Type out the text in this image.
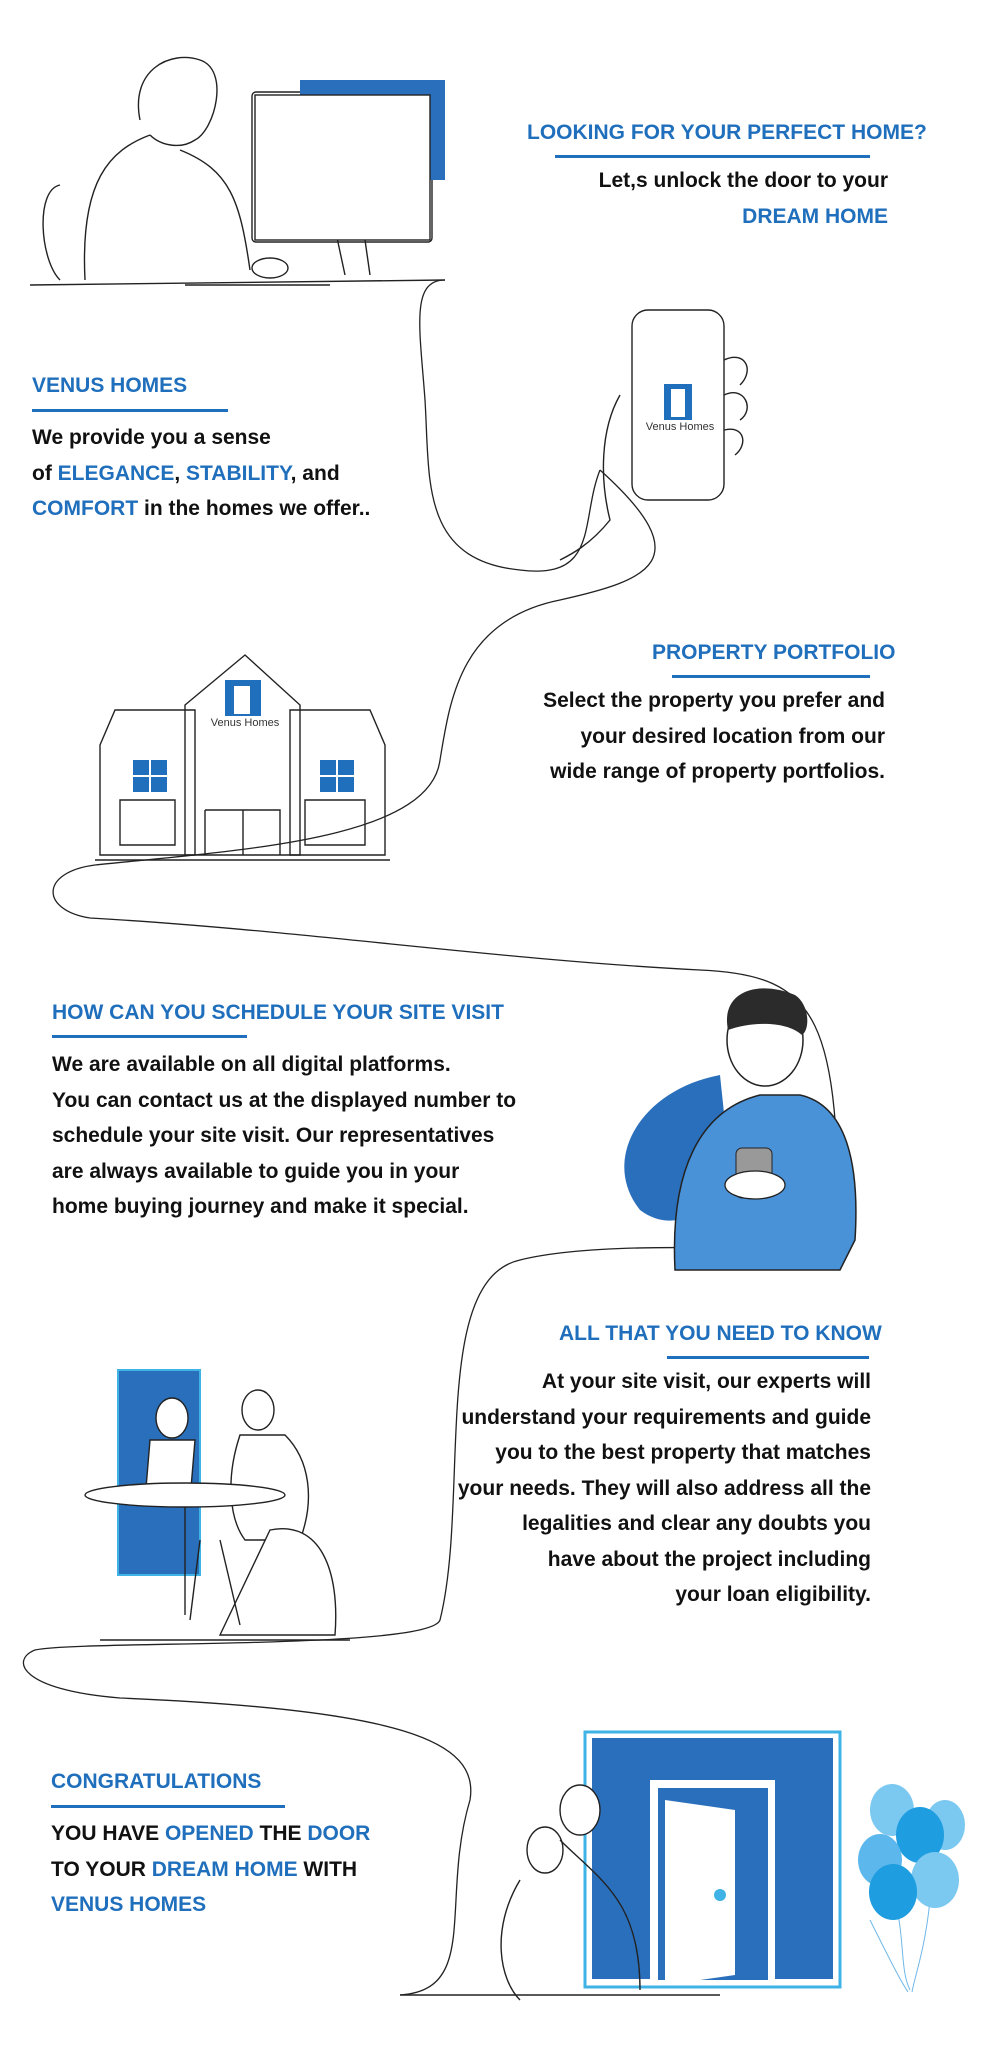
LOOKING FOR YOUR PERFECT HOME?
Let,s unlock the door to your
DREAM HOME
VENUS HOMES
We provide you a sense
of ELEGANCE, STABILITY, and
COMFORT in the homes we offer..
Venus Homes
PROPERTY PORTFOLIO
Select the property you prefer and
your desired location from our
wide range of property portfolios.
Venus Homes
HOW CAN YOU SCHEDULE YOUR SITE VISIT
We are available on all digital platforms.
You can contact us at the displayed number to
schedule your site visit. Our representatives
are always available to guide you in your
home buying journey and make it special.
ALL THAT YOU NEED TO KNOW
At your site visit, our experts will
understand your requirements and guide
you to the best property that matches
your needs. They will also address all the
legalities and clear any doubts you
have about the project including
your loan eligibility.
CONGRATULATIONS
YOU HAVE OPENED THE DOOR
TO YOUR DREAM HOME WITH
VENUS HOMES
